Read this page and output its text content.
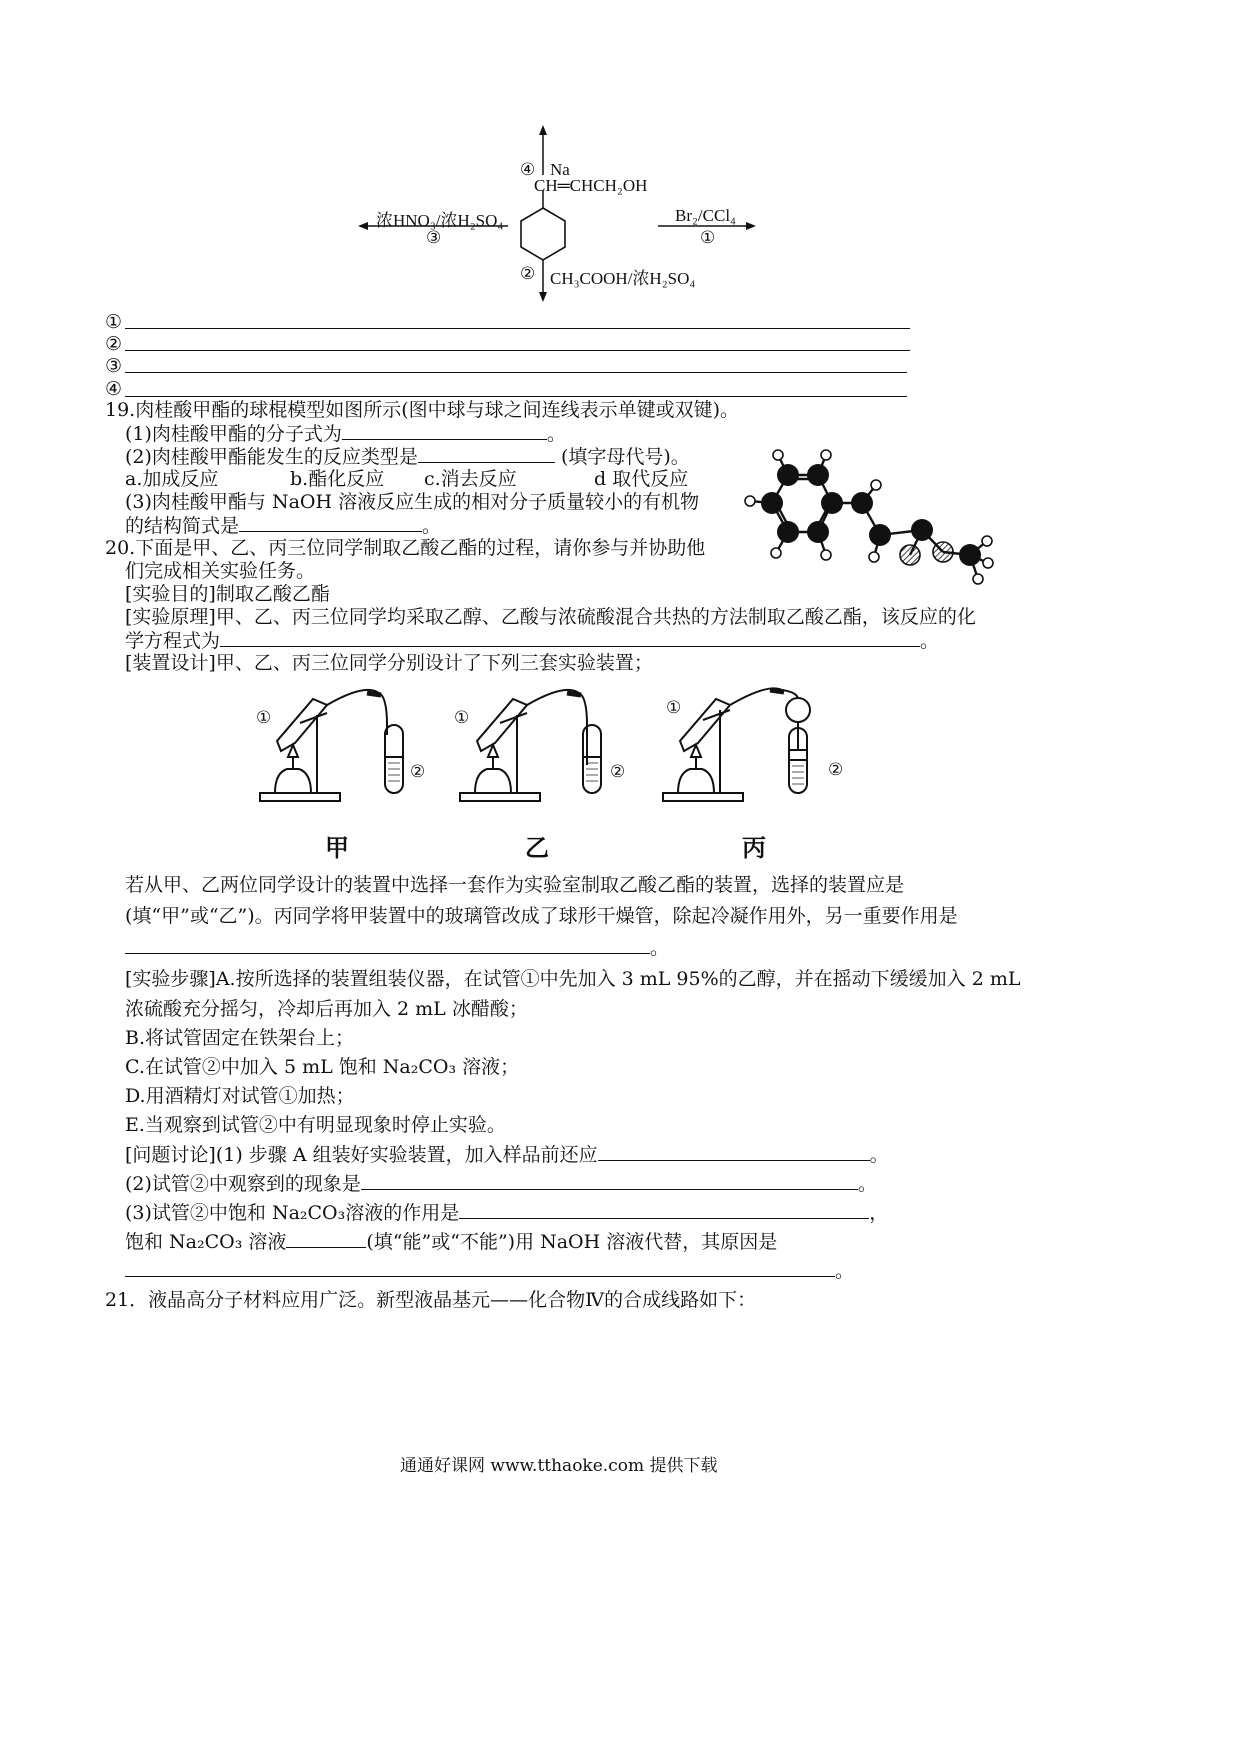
④ Na
CH═CHCH₂OH
浓HNO₃/浓H₂SO₄
③
Br₂/CCl₄
①
② CH₃COOH/浓H₂SO₄
①
②
③
④
19.肉桂酸甲酯的球棍模型如图所示(图中球与球之间连线表示单键或双键)。
(1)肉桂酸甲酯的分子式为	。
(2)肉桂酸甲酯能发生的反应类型是	(填字母代号)。
a.加成反应	b.酯化反应 c.消去反应	d 取代反应
(3)肉桂酸甲酯与 NaOH 溶液反应生成的相对分子质量较小的有机物
的结构简式是	。
20.下面是甲、乙、丙三位同学制取乙酸乙酯的过程，请你参与并协助他
们完成相关实验任务。
[实验目的]制取乙酸乙酯
[实验原理]甲、乙、丙三位同学均采取乙醇、乙酸与浓硫酸混合共热的方法制取乙酸乙酯，该反应的化
学方程式为	。
[装置设计]甲、乙、丙三位同学分别设计了下列三套实验装置；
①
②
①
②
①
②
甲	乙	丙
若从甲、乙两位同学设计的装置中选择一套作为实验室制取乙酸乙酯的装置，选择的装置应是
(填“甲”或“乙”)。丙同学将甲装置中的玻璃管改成了球形干燥管，除起冷凝作用外，另一重要作用是
。
[实验步骤]A.按所选择的装置组装仪器，在试管①中先加入 3 mL 95%的乙醇，并在摇动下缓缓加入 2 mL
浓硫酸充分摇匀，冷却后再加入 2 mL 冰醋酸；
B.将试管固定在铁架台上；
C.在试管②中加入 5 mL 饱和 Na₂CO₃ 溶液；
D.用酒精灯对试管①加热；
E.当观察到试管②中有明显现象时停止实验。
[问题讨论](1) 步骤 A 组装好实验装置，加入样品前还应	。
(2)试管②中观察到的现象是	。
(3)试管②中饱和 Na₂CO₃溶液的作用是	，
饱和 Na₂CO₃ 溶液	(填“能”或“不能”)用 NaOH 溶液代替，其原因是
。
21．液晶高分子材料应用广泛。新型液晶基元——化合物Ⅳ的合成线路如下：
通通好课网 www.tthaoke.com 提供下载
